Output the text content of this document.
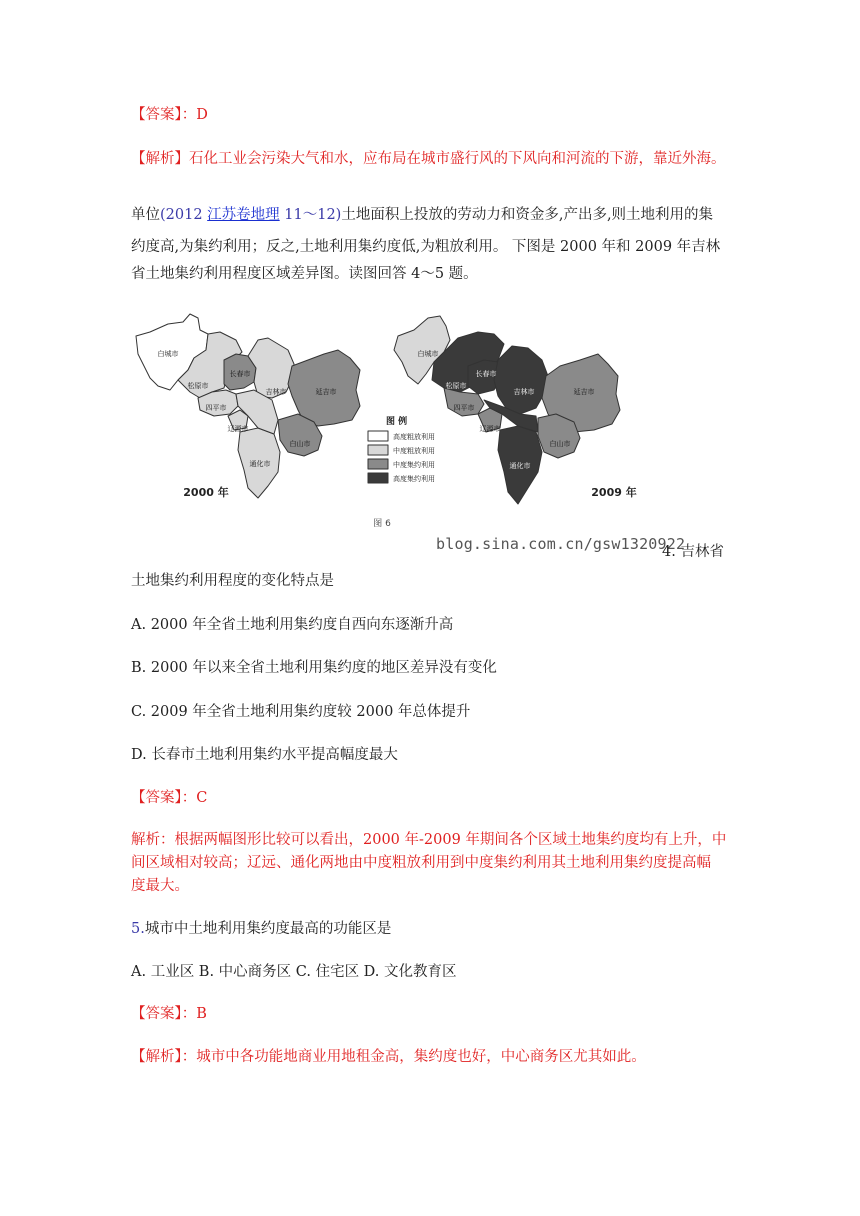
【答案】：D
【解析】石化工业会污染大气和水，应布局在城市盛行风的下风向和河流的下游，靠近外海。
单位(2012 江苏卷地理 11～12)土地面积上投放的劳动力和资金多,产出多,则土地利用的集
约度高,为集约利用；反之,土地利用集约度低,为粗放利用。 下图是 2000 年和 2009 年吉林
省土地集约利用程度区域差异图。读图回答 4～5 题。
图 例
高度粗放利用
中度粗放利用
中度集约利用
高度集约利用
白城市
松原市
长春市
吉林市	延吉市
四平市
辽源市
白山市
通化市
白城市
松原市
长春市
吉林市	延吉市
四平市
辽源市
白山市
通化市
2000 年	2009 年
图 6
blog.sina.com.cn/gsw1320922
4. 吉林省
土地集约利用程度的变化特点是
A. 2000 年全省土地利用集约度自西向东逐渐升高
B. 2000 年以来全省土地利用集约度的地区差异没有变化
C. 2009 年全省土地利用集约度较 2000 年总体提升
D. 长春市土地利用集约水平提高幅度最大
【答案】：C
解析：根据两幅图形比较可以看出，2000 年-2009 年期间各个区域土地集约度均有上升，中
间区域相对较高；辽远、通化两地由中度粗放利用到中度集约利用其土地利用集约度提高幅
度最大。
5.城市中土地利用集约度最高的功能区是
A. 工业区 B. 中心商务区 C. 住宅区 D. 文化教育区
【答案】：B
【解析】：城市中各功能地商业用地租金高，集约度也好，中心商务区尤其如此。
